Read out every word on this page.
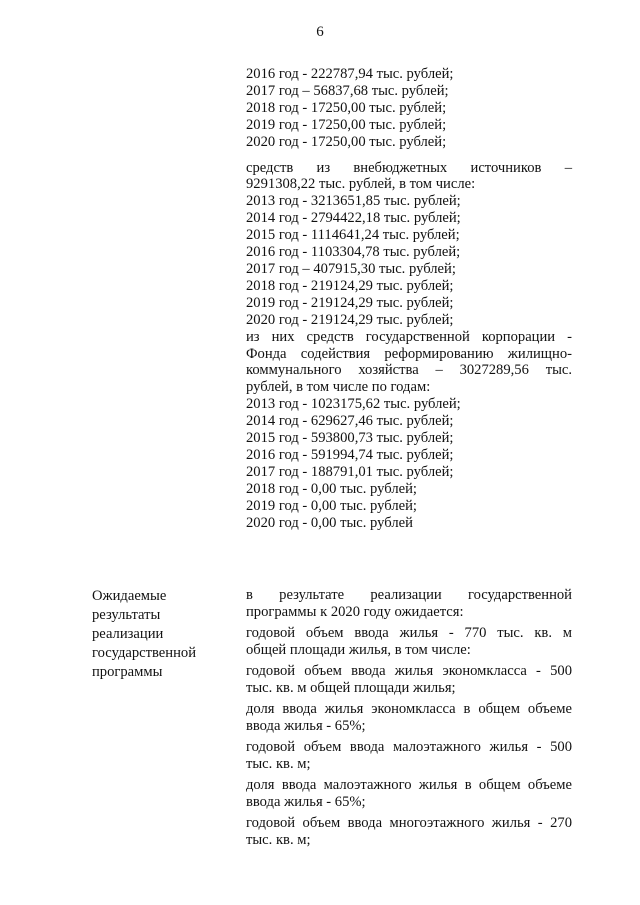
6
2016 год - 222787,94 тыс. рублей;
2017 год – 56837,68 тыс. рублей;
2018 год - 17250,00 тыс. рублей;
2019 год - 17250,00 тыс. рублей;
2020 год - 17250,00 тыс. рублей;
средств из внебюджетных источников –
9291308,22 тыс. рублей, в том числе:
2013 год - 3213651,85 тыс. рублей;
2014 год - 2794422,18 тыс. рублей;
2015 год - 1114641,24 тыс. рублей;
2016 год - 1103304,78 тыс. рублей;
2017 год – 407915,30 тыс. рублей;
2018 год - 219124,29 тыс. рублей;
2019 год - 219124,29 тыс. рублей;
2020 год - 219124,29 тыс. рублей;
из них средств государственной корпорации -
Фонда содействия реформированию жилищно-
коммунального хозяйства – 3027289,56 тыс.
рублей, в том числе по годам:
2013 год - 1023175,62 тыс. рублей;
2014 год - 629627,46 тыс. рублей;
2015 год - 593800,73 тыс. рублей;
2016 год - 591994,74 тыс. рублей;
2017 год - 188791,01 тыс. рублей;
2018 год - 0,00 тыс. рублей;
2019 год - 0,00 тыс. рублей;
2020 год - 0,00 тыс. рублей
Ожидаемые
результаты
реализации
государственной
программы
в результате реализации государственной
программы к 2020 году ожидается:
годовой объем ввода жилья - 770 тыс. кв. м
общей площади жилья, в том числе:
годовой объем ввода жилья экономкласса - 500
тыс. кв. м общей площади жилья;
доля ввода жилья экономкласса в общем объеме
ввода жилья - 65%;
годовой объем ввода малоэтажного жилья - 500
тыс. кв. м;
доля ввода малоэтажного жилья в общем объеме
ввода жилья - 65%;
годовой объем ввода многоэтажного жилья - 270
тыс. кв. м;
